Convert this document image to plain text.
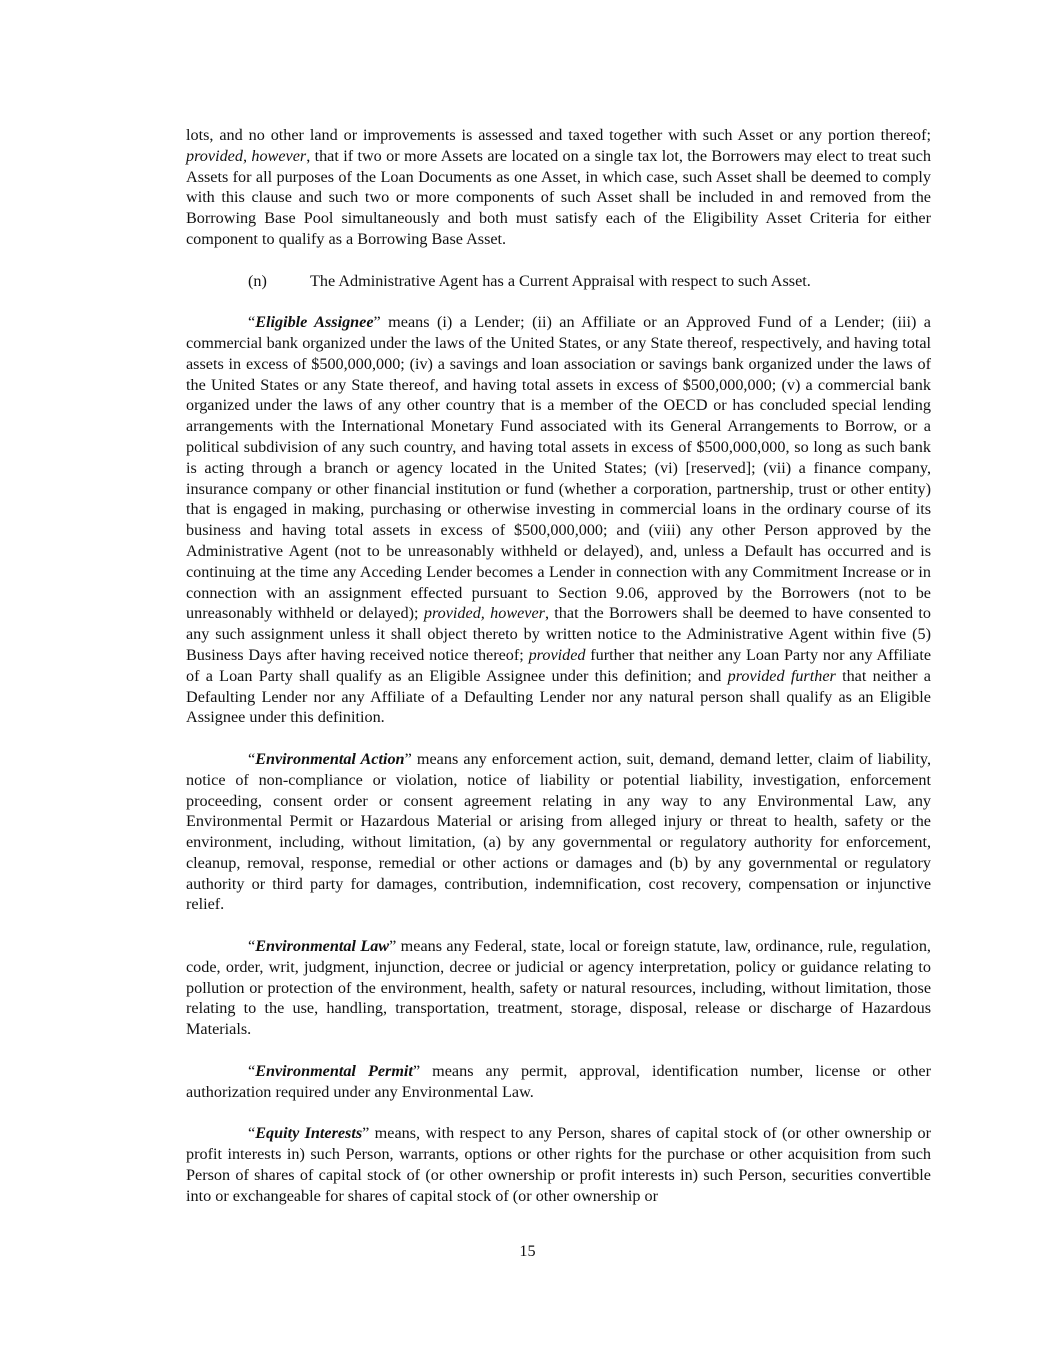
lots, and no other land or improvements is assessed and taxed together with such Asset or any portion thereof; provided, however, that if two or more Assets are located on a single tax lot, the Borrowers may elect to treat such Assets for all purposes of the Loan Documents as one Asset, in which case, such Asset shall be deemed to comply with this clause and such two or more components of such Asset shall be included in and removed from the Borrowing Base Pool simultaneously and both must satisfy each of the Eligibility Asset Criteria for either component to qualify as a Borrowing Base Asset.

(n)	The Administrative Agent has a Current Appraisal with respect to such Asset.

“Eligible Assignee” means (i) a Lender; (ii) an Affiliate or an Approved Fund of a Lender; (iii) a commercial bank organized under the laws of the United States, or any State thereof, respectively, and having total assets in excess of $500,000,000; (iv) a savings and loan association or savings bank organized under the laws of the United States or any State thereof, and having total assets in excess of $500,000,000; (v) a commercial bank organized under the laws of any other country that is a member of the OECD or has concluded special lending arrangements with the International Monetary Fund associated with its General Arrangements to Borrow, or a political subdivision of any such country, and having total assets in excess of $500,000,000, so long as such bank is acting through a branch or agency located in the United States; (vi) [reserved]; (vii) a finance company, insurance company or other financial institution or fund (whether a corporation, partnership, trust or other entity) that is engaged in making, purchasing or otherwise investing in commercial loans in the ordinary course of its business and having total assets in excess of $500,000,000; and (viii) any other Person approved by the Administrative Agent (not to be unreasonably withheld or delayed), and, unless a Default has occurred and is continuing at the time any Acceding Lender becomes a Lender in connection with any Commitment Increase or in connection with an assignment effected pursuant to Section 9.06, approved by the Borrowers (not to be unreasonably withheld or delayed); provided, however, that the Borrowers shall be deemed to have consented to any such assignment unless it shall object thereto by written notice to the Administrative Agent within five (5) Business Days after having received notice thereof; provided further that neither any Loan Party nor any Affiliate of a Loan Party shall qualify as an Eligible Assignee under this definition; and provided further that neither a Defaulting Lender nor any Affiliate of a Defaulting Lender nor any natural person shall qualify as an Eligible Assignee under this definition.

“Environmental Action” means any enforcement action, suit, demand, demand letter, claim of liability, notice of non-compliance or violation, notice of liability or potential liability, investigation, enforcement proceeding, consent order or consent agreement relating in any way to any Environmental Law, any Environmental Permit or Hazardous Material or arising from alleged injury or threat to health, safety or the environment, including, without limitation, (a) by any governmental or regulatory authority for enforcement, cleanup, removal, response, remedial or other actions or damages and (b) by any governmental or regulatory authority or third party for damages, contribution, indemnification, cost recovery, compensation or injunctive relief.

“Environmental Law” means any Federal, state, local or foreign statute, law, ordinance, rule, regulation, code, order, writ, judgment, injunction, decree or judicial or agency interpretation, policy or guidance relating to pollution or protection of the environment, health, safety or natural resources, including, without limitation, those relating to the use, handling, transportation, treatment, storage, disposal, release or discharge of Hazardous Materials.

“Environmental Permit” means any permit, approval, identification number, license or other authorization required under any Environmental Law.

“Equity Interests” means, with respect to any Person, shares of capital stock of (or other ownership or profit interests in) such Person, warrants, options or other rights for the purchase or other acquisition from such Person of shares of capital stock of (or other ownership or profit interests in) such Person, securities convertible into or exchangeable for shares of capital stock of (or other ownership or

15
